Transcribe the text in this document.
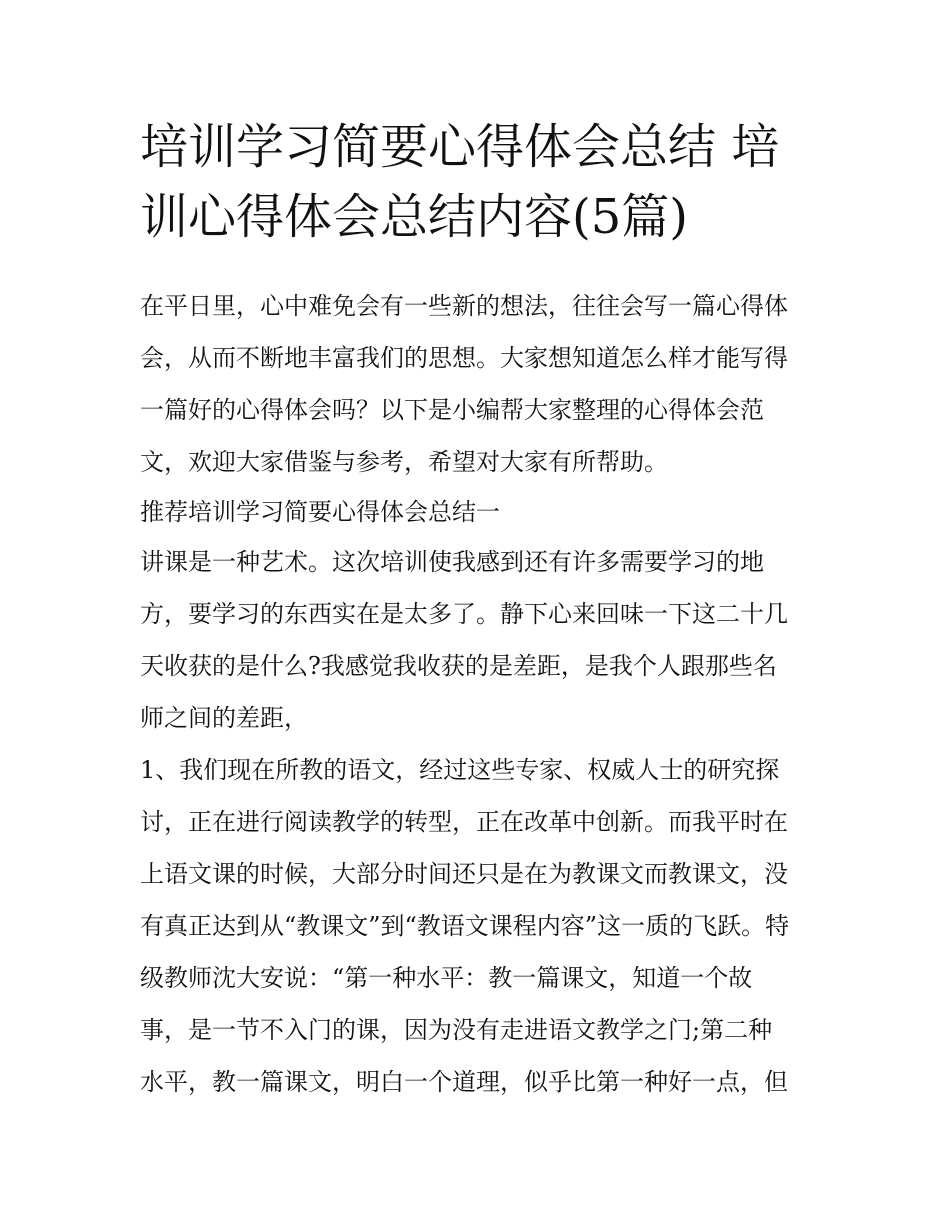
培训学习简要心得体会总结 培
训心得体会总结内容(5篇)
在平日里，心中难免会有一些新的想法，往往会写一篇心得体
会，从而不断地丰富我们的思想。大家想知道怎么样才能写得
一篇好的心得体会吗？以下是小编帮大家整理的心得体会范
文，欢迎大家借鉴与参考，希望对大家有所帮助。
推荐培训学习简要心得体会总结一
讲课是一种艺术。这次培训使我感到还有许多需要学习的地
方，要学习的东西实在是太多了。静下心来回味一下这二十几
天收获的是什么?我感觉我收获的是差距，是我个人跟那些名
师之间的差距，
1、我们现在所教的语文，经过这些专家、权威人士的研究探
讨，正在进行阅读教学的转型，正在改革中创新。而我平时在
上语文课的时候，大部分时间还只是在为教课文而教课文，没
有真正达到从“教课文”到“教语文课程内容”这一质的飞跃。特
级教师沈大安说：“第一种水平：教一篇课文，知道一个故
事，是一节不入门的课，因为没有走进语文教学之门;第二种
水平，教一篇课文，明白一个道理，似乎比第一种好一点，但
